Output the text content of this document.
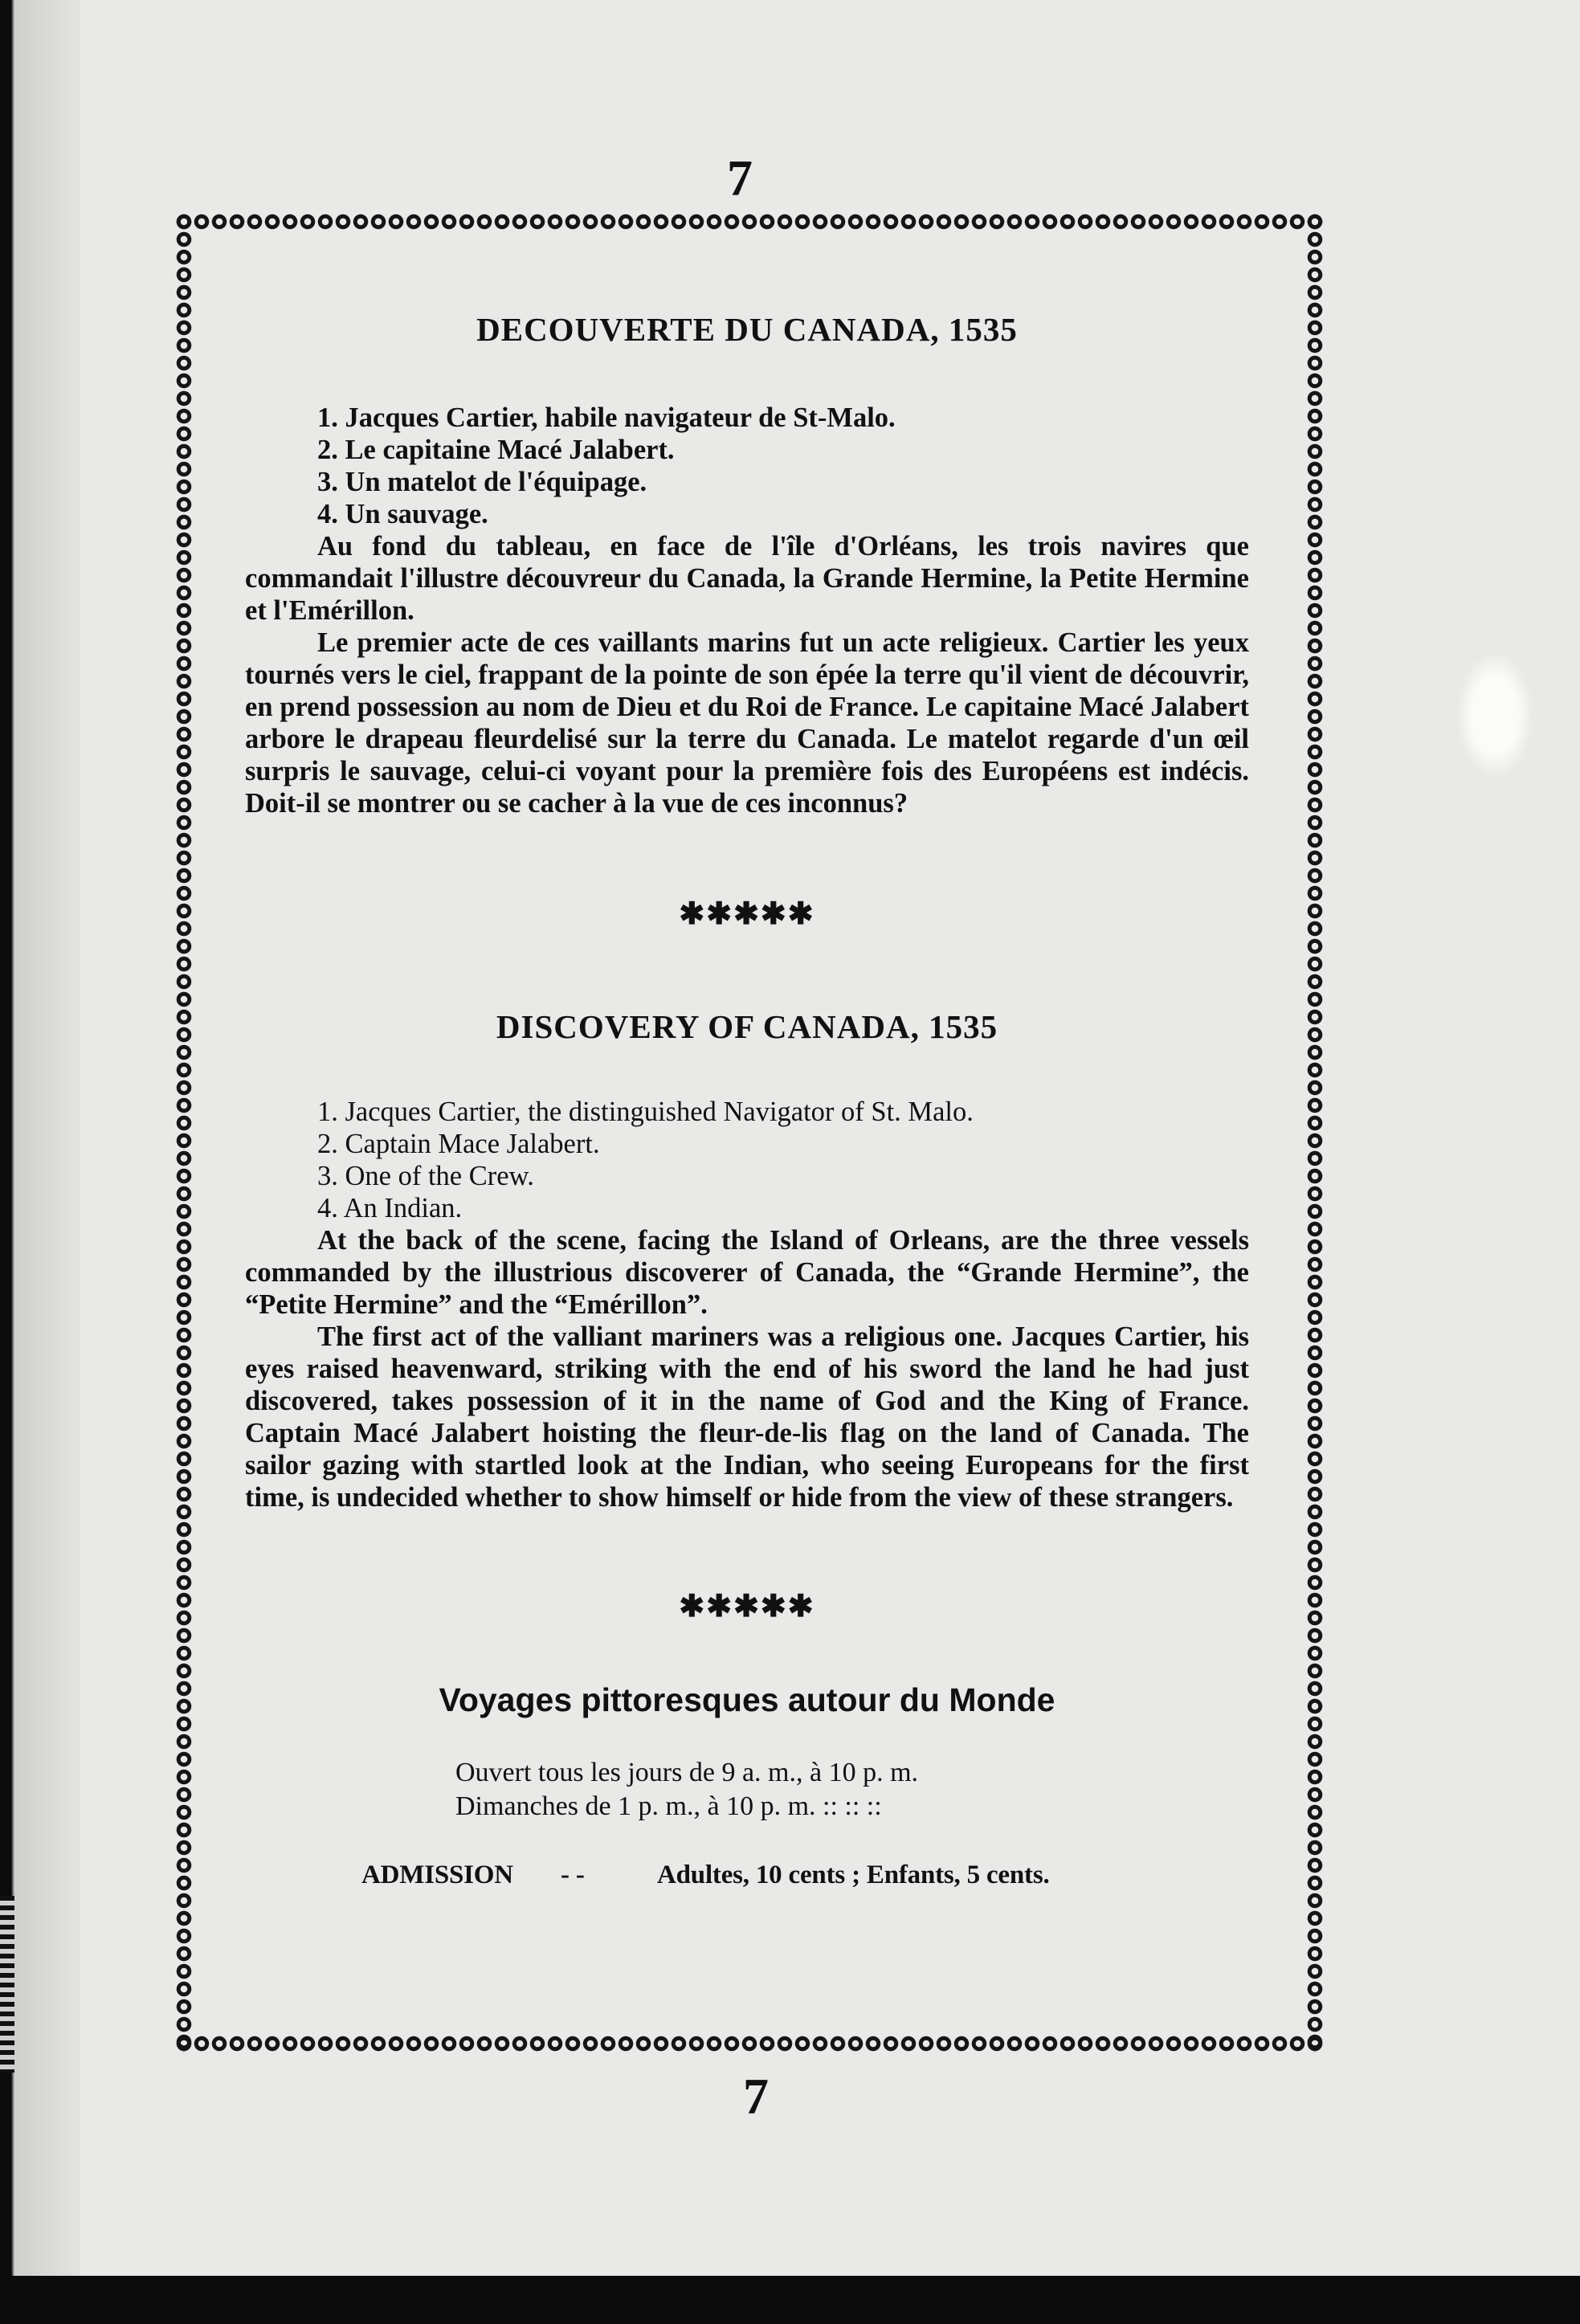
7
DECOUVERTE DU CANADA, 1535
1. Jacques Cartier, habile navigateur de St-Malo.
2. Le capitaine Macé Jalabert.
3. Un matelot de l'équipage.
4. Un sauvage.

Au fond du tableau, en face de l'île d'Orléans, les trois navires que commandait l'illustre découvreur du Canada, la Grande Hermine, la Petite Hermine et l'Emérillon.

Le premier acte de ces vaillants marins fut un acte religieux. Cartier les yeux tournés vers le ciel, frappant de la pointe de son épée la terre qu'il vient de découvrir, en prend possession au nom de Dieu et du Roi de France. Le capitaine Macé Jalabert arbore le drapeau fleurdelisé sur la terre du Canada. Le matelot regarde d'un œil surpris le sauvage, celui-ci voyant pour la première fois des Européens est indécis. Doit-il se montrer ou se cacher à la vue de ces inconnus?

✱✱✱✱✱

DISCOVERY OF CANADA, 1535
1. Jacques Cartier, the distinguished Navigator of St. Malo.
2. Captain Mace Jalabert.
3. One of the Crew.
4. An Indian.

At the back of the scene, facing the Island of Orleans, are the three vessels commanded by the illustrious discoverer of Canada, the “Grande Hermine”, the “Petite Hermine” and the “Emérillon”.

The first act of the valliant mariners was a religious one. Jacques Cartier, his eyes raised heavenward, striking with the end of his sword the land he had just discovered, takes possession of it in the name of God and the King of France. Captain Macé Jalabert hoisting the fleur-de-lis flag on the land of Canada. The sailor gazing with startled look at the Indian, who seeing Europeans for the first time, is undecided whether to show himself or hide from the view of these strangers.

✱✱✱✱✱

Voyages pittoresques autour du Monde

Ouvert tous les jours de 9 a. m., à 10 p. m.

Dimanches de 1 p. m., à 10 p. m. :: :: ::

ADMISSION	- -	Adultes, 10 cents ; Enfants, 5 cents.

7
